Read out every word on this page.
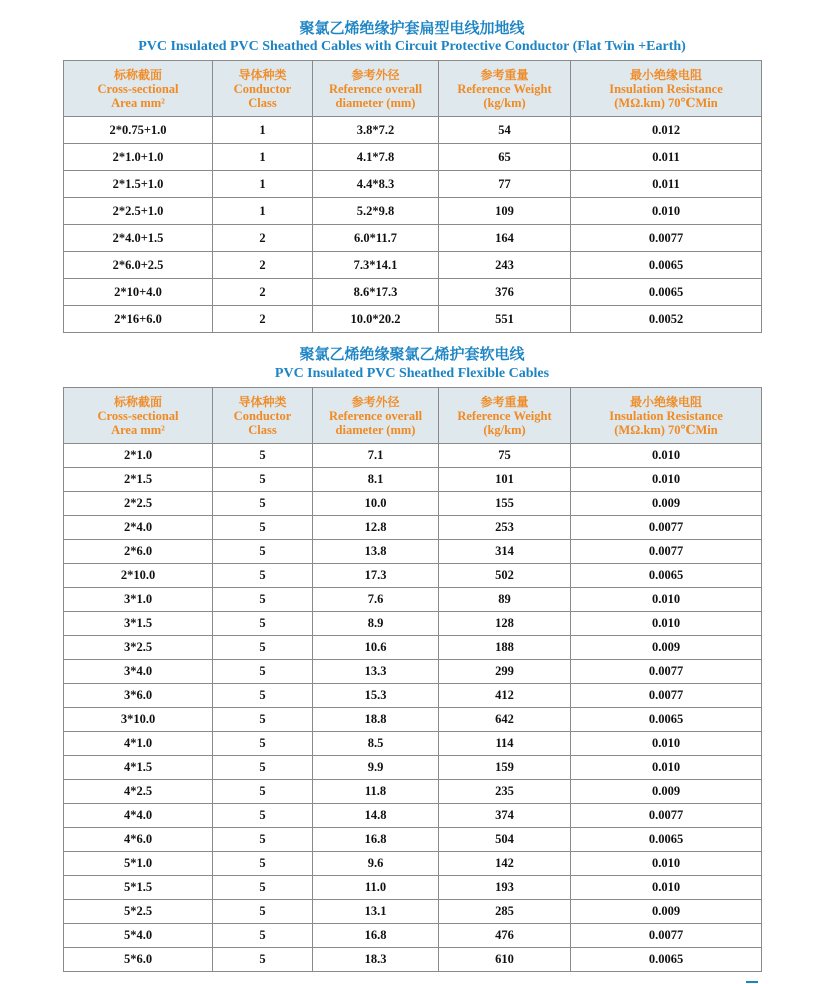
聚氯乙烯绝缘护套扁型电线加地线
PVC Insulated PVC Sheathed Cables with Circuit Protective Conductor (Flat Twin +Earth)
标称截面
Cross-sectional
Area mm²	导体种类
Conductor
Class	参考外径
Reference overall
diameter (mm)	参考重量
Reference Weight
(kg/km)	最小绝缘电阻
Insulation Resistance
(MΩ.km) 70℃Min

2*0.75+1.0	1	3.8*7.2	54	0.012
2*1.0+1.0	1	4.1*7.8	65	0.011
2*1.5+1.0	1	4.4*8.3	77	0.011
2*2.5+1.0	1	5.2*9.8	109	0.010
2*4.0+1.5	2	6.0*11.7	164	0.0077
2*6.0+2.5	2	7.3*14.1	243	0.0065
2*10+4.0	2	8.6*17.3	376	0.0065
2*16+6.0	2	10.0*20.2	551	0.0052
聚氯乙烯绝缘聚氯乙烯护套软电线
PVC Insulated PVC Sheathed Flexible Cables
标称截面
Cross-sectional
Area mm²	导体种类
Conductor
Class	参考外径
Reference overall
diameter (mm)	参考重量
Reference Weight
(kg/km)	最小绝缘电阻
Insulation Resistance
(MΩ.km) 70℃Min

2*1.0	5	7.1	75	0.010
2*1.5	5	8.1	101	0.010
2*2.5	5	10.0	155	0.009
2*4.0	5	12.8	253	0.0077
2*6.0	5	13.8	314	0.0077
2*10.0	5	17.3	502	0.0065
3*1.0	5	7.6	89	0.010
3*1.5	5	8.9	128	0.010
3*2.5	5	10.6	188	0.009
3*4.0	5	13.3	299	0.0077
3*6.0	5	15.3	412	0.0077
3*10.0	5	18.8	642	0.0065
4*1.0	5	8.5	114	0.010
4*1.5	5	9.9	159	0.010
4*2.5	5	11.8	235	0.009
4*4.0	5	14.8	374	0.0077
4*6.0	5	16.8	504	0.0065
5*1.0	5	9.6	142	0.010
5*1.5	5	11.0	193	0.010
5*2.5	5	13.1	285	0.009
5*4.0	5	16.8	476	0.0077
5*6.0	5	18.3	610	0.0065
